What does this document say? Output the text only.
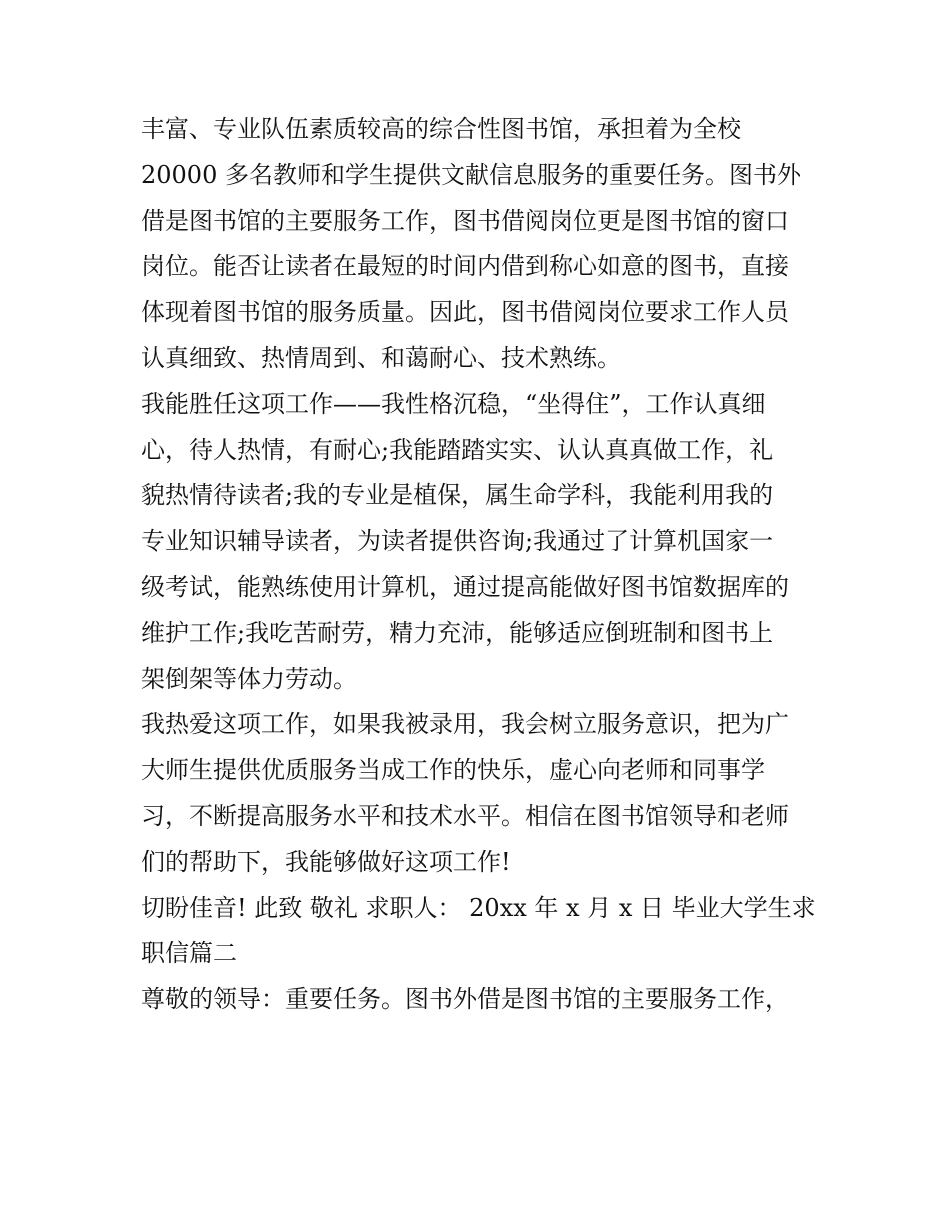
丰富、专业队伍素质较高的综合性图书馆，承担着为全校
20000 多名教师和学生提供文献信息服务的重要任务。图书外
借是图书馆的主要服务工作，图书借阅岗位更是图书馆的窗口
岗位。能否让读者在最短的时间内借到称心如意的图书，直接
体现着图书馆的服务质量。因此，图书借阅岗位要求工作人员
认真细致、热情周到、和蔼耐心、技术熟练。
我能胜任这项工作——我性格沉稳，“坐得住”，工作认真细
心，待人热情，有耐心;我能踏踏实实、认认真真做工作，礼
貌热情待读者;我的专业是植保，属生命学科，我能利用我的
专业知识辅导读者，为读者提供咨询;我通过了计算机国家一
级考试，能熟练使用计算机，通过提高能做好图书馆数据库的
维护工作;我吃苦耐劳，精力充沛，能够适应倒班制和图书上
架倒架等体力劳动。
我热爱这项工作，如果我被录用，我会树立服务意识，把为广
大师生提供优质服务当成工作的快乐，虚心向老师和同事学
习，不断提高服务水平和技术水平。相信在图书馆领导和老师
们的帮助下，我能够做好这项工作!
切盼佳音! 此致 敬礼 求职人： 20xx 年 x 月 x 日 毕业大学生求
职信篇二
尊敬的领导：重要任务。图书外借是图书馆的主要服务工作，
